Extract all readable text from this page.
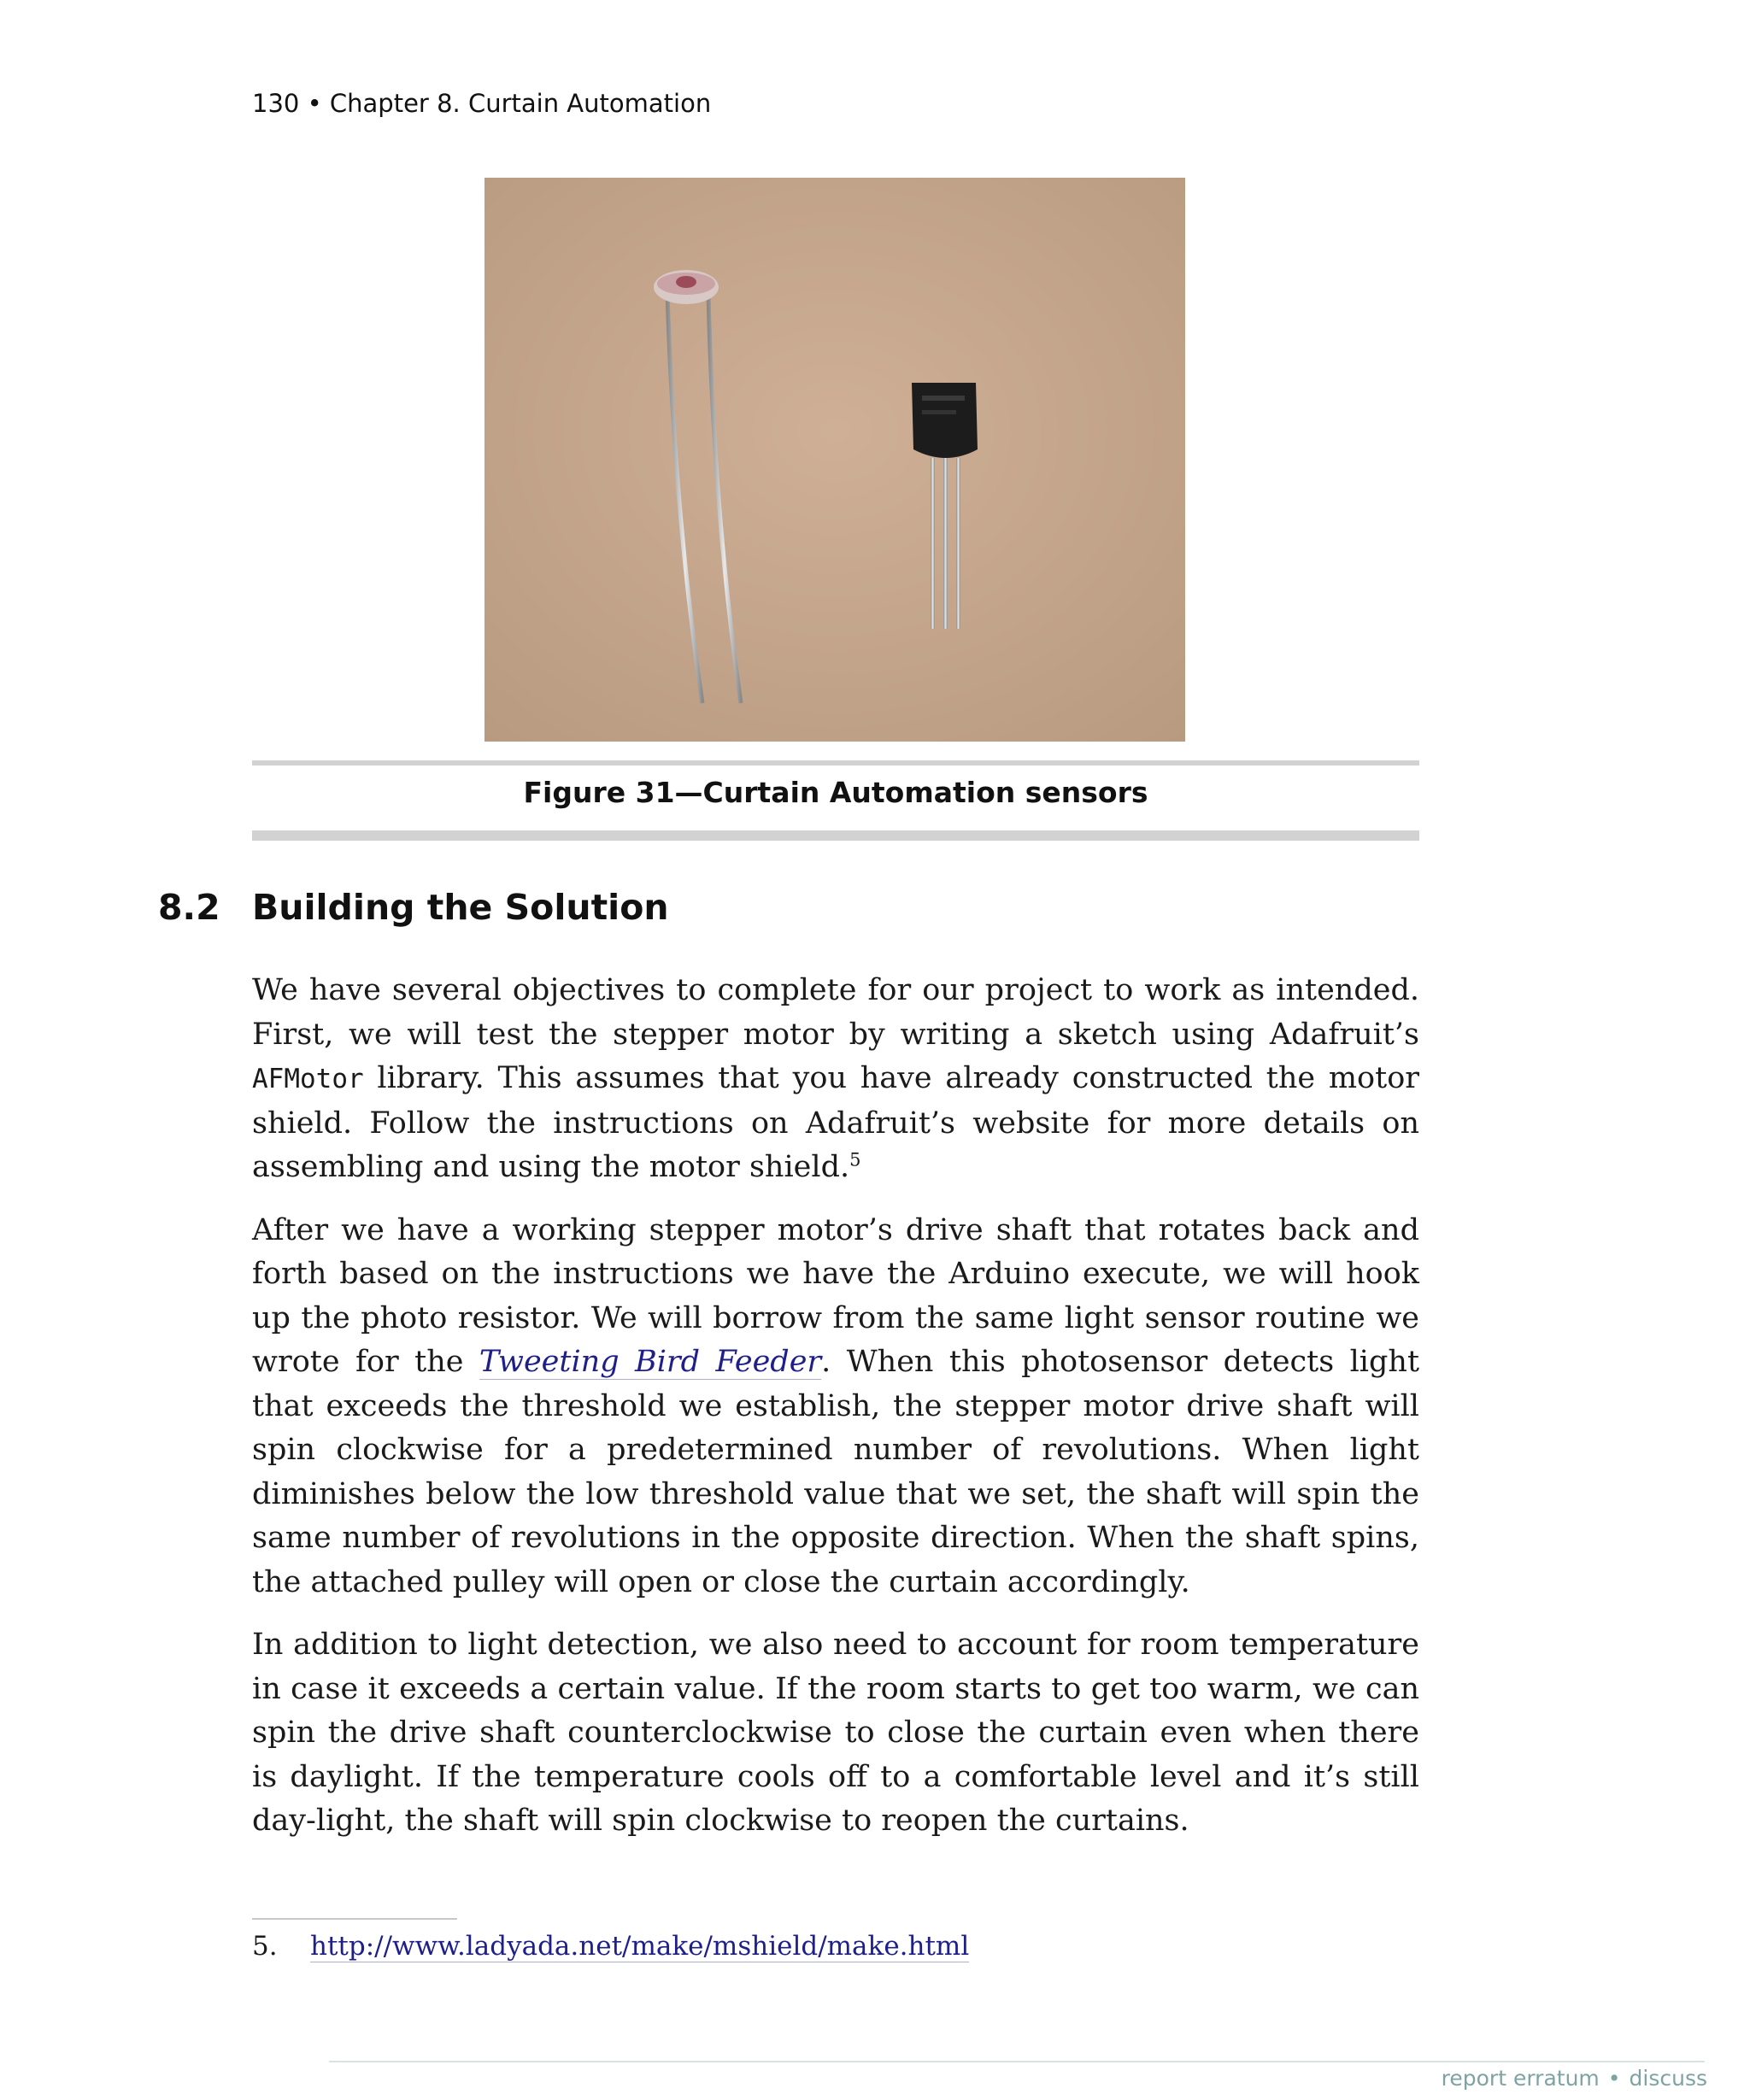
130 • Chapter 8. Curtain Automation
Figure 31—Curtain Automation sensors
8.2 Building the Solution

We have several objectives to complete for our project to work as intended. First, we will test the stepper motor by writing a sketch using Adafruit’s AFMotor library. This assumes that you have already constructed the motor shield. Follow the instructions on Adafruit’s website for more details on assembling and using the motor shield.$^5$

After we have a working stepper motor’s drive shaft that rotates back and forth based on the instructions we have the Arduino execute, we will hook up the photo resistor. We will borrow from the same light sensor routine we wrote for the Tweeting Bird Feeder. When this photosensor detects light that exceeds the threshold we establish, the stepper motor drive shaft will spin clockwise for a predetermined number of revolutions. When light diminishes below the low threshold value that we set, the shaft will spin the same number of revolutions in the opposite direction. When the shaft spins, the attached pulley will open or close the curtain accordingly.

In addition to light detection, we also need to account for room temperature in case it exceeds a certain value. If the room starts to get too warm, we can spin the drive shaft counterclockwise to close the curtain even when there is daylight. If the temperature cools off to a comfortable level and it’s still day-light, the shaft will spin clockwise to reopen the curtains.

5. http://www.ladyada.net/make/mshield/make.html
report erratum • discuss
